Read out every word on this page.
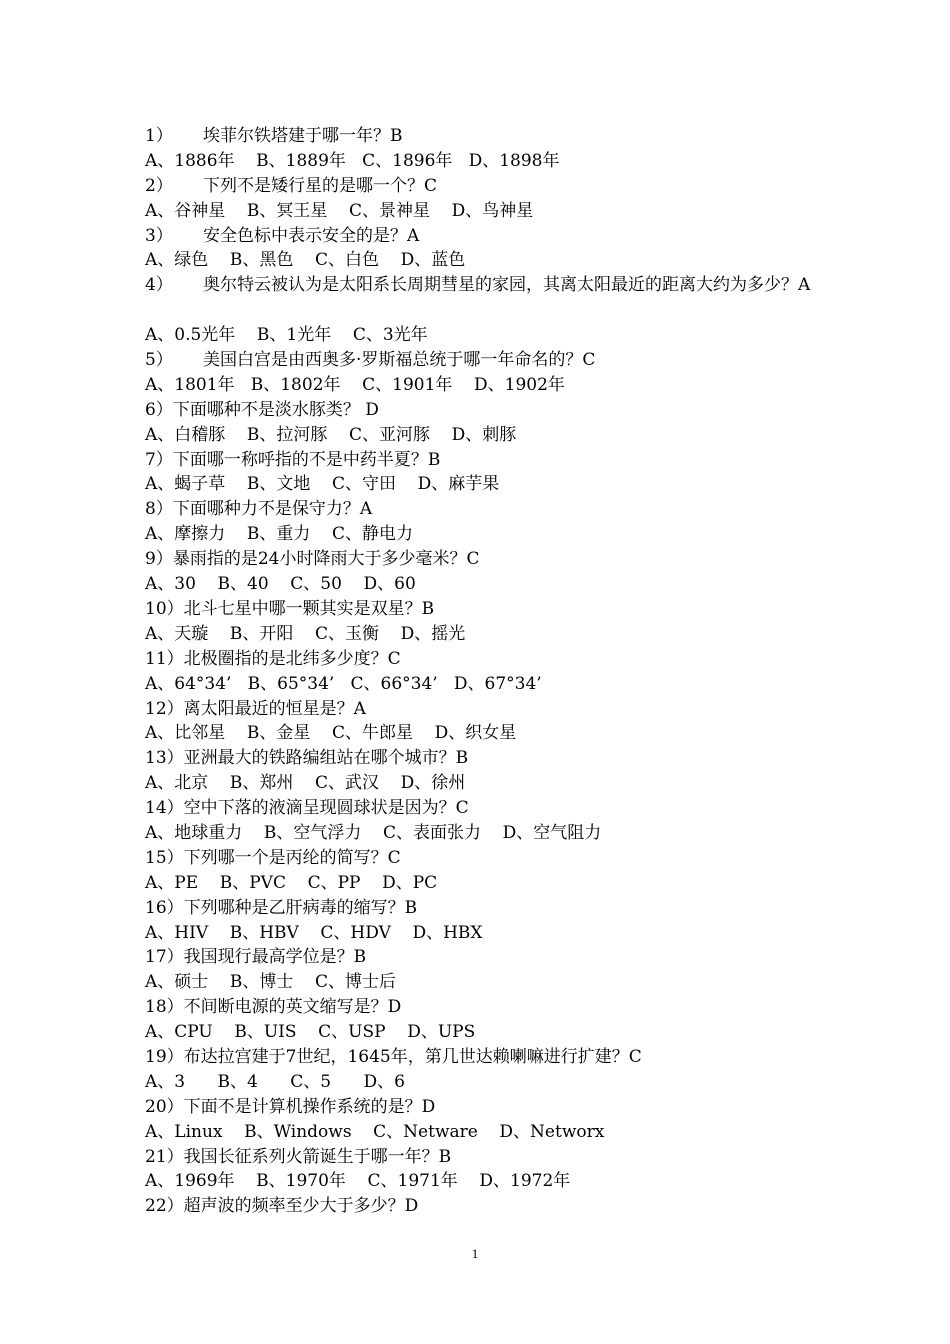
1）	埃菲尔铁塔建于哪一年？B
A、1886年    B、1889年   C、1896年   D、1898年
2）	下列不是矮行星的是哪一个？C
A、谷神星    B、冥王星    C、景神星    D、鸟神星
3）	安全色标中表示安全的是？A
A、绿色    B、黑色    C、白色    D、蓝色
4）	奥尔特云被认为是太阳系长周期彗星的家园，其离太阳最近的距离大约为多少？A
A、0.5光年    B、1光年    C、3光年
5）	美国白宫是由西奥多·罗斯福总统于哪一年命名的？C
A、1801年   B、1802年    C、1901年    D、1902年
6）下面哪种不是淡水豚类？ D
A、白稽豚    B、拉河豚    C、亚河豚    D、刺豚
7）下面哪一称呼指的不是中药半夏？B
A、蝎子草    B、文地    C、守田    D、麻芋果
8）下面哪种力不是保守力？A
A、摩擦力    B、重力    C、静电力
9）暴雨指的是24小时降雨大于多少毫米？C
A、30    B、40    C、50    D、60
10）北斗七星中哪一颗其实是双星？B
A、天璇    B、开阳    C、玉衡    D、摇光
11）北极圈指的是北纬多少度？C
A、64°34’   B、65°34’   C、66°34’   D、67°34’
12）离太阳最近的恒星是？A
A、比邻星    B、金星    C、牛郎星    D、织女星
13）亚洲最大的铁路编组站在哪个城市？B
A、北京    B、郑州    C、武汉    D、徐州
14）空中下落的液滴呈现圆球状是因为？C
A、地球重力    B、空气浮力    C、表面张力    D、空气阻力
15）下列哪一个是丙纶的简写？C
A、PE    B、PVC    C、PP    D、PC
16）下列哪种是乙肝病毒的缩写？B
A、HIV    B、HBV    C、HDV    D、HBX
17）我国现行最高学位是？B
A、硕士    B、博士    C、博士后
18）不间断电源的英文缩写是？D
A、CPU    B、UIS    C、USP    D、UPS
19）布达拉宫建于7世纪，1645年，第几世达赖喇嘛进行扩建？C
A、3      B、4      C、5      D、6
20）下面不是计算机操作系统的是？D
A、Linux    B、Windows    C、Netware    D、Networx
21）我国长征系列火箭诞生于哪一年？B
A、1969年    B、1970年    C、1971年    D、1972年
22）超声波的频率至少大于多少？D
1
